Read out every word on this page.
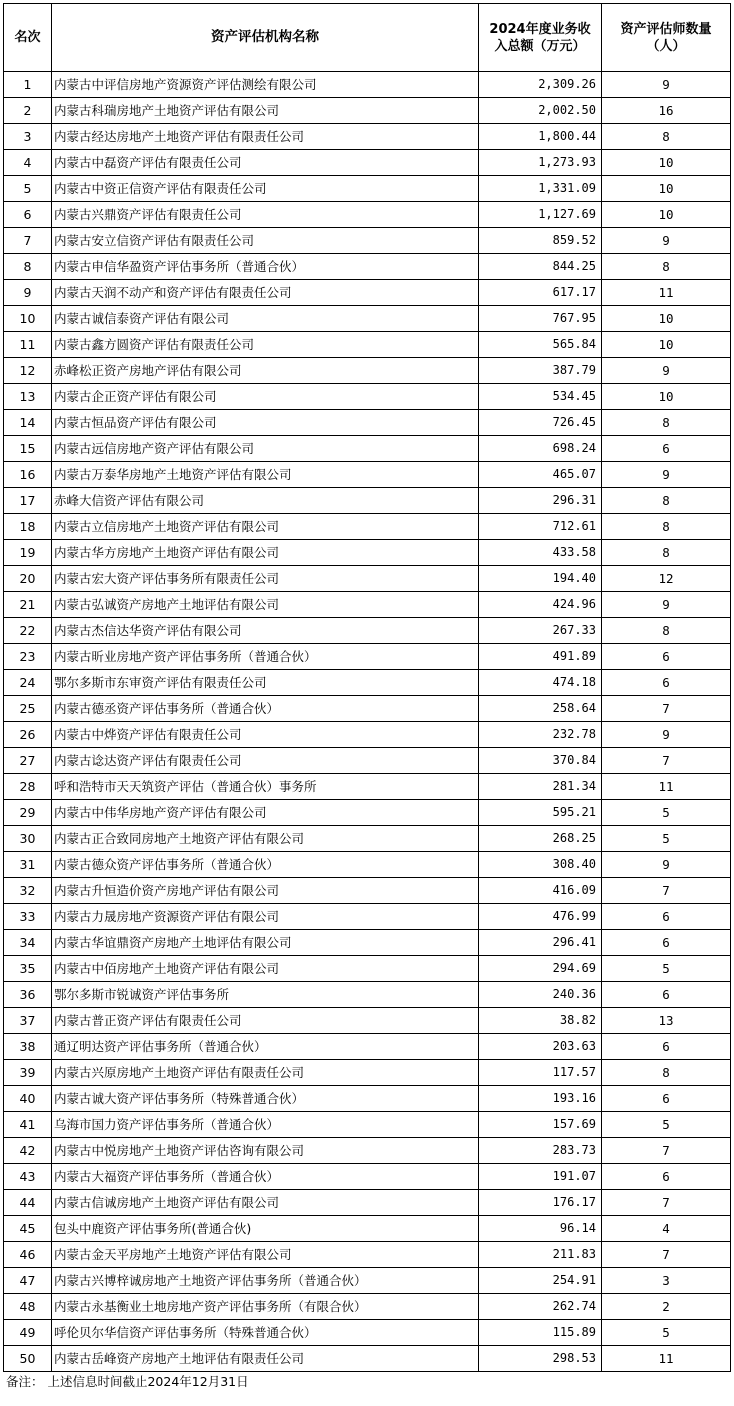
名次	资产评估机构名称	2024年度业务收入总额（万元）	资产评估师数量（人）
1	内蒙古中评信房地产资源资产评估测绘有限公司	2,309.26	9
2	内蒙古科瑞房地产土地资产评估有限公司	2,002.50	16
3	内蒙古经达房地产土地资产评估有限责任公司	1,800.44	8
4	内蒙古中磊资产评估有限责任公司	1,273.93	10
5	内蒙古中资正信资产评估有限责任公司	1,331.09	10
6	内蒙古兴鼎资产评估有限责任公司	1,127.69	10
7	内蒙古安立信资产评估有限责任公司	859.52	9
8	内蒙古申信华盈资产评估事务所（普通合伙）	844.25	8
9	内蒙古天润不动产和资产评估有限责任公司	617.17	11
10	内蒙古诚信泰资产评估有限公司	767.95	10
11	内蒙古鑫方圆资产评估有限责任公司	565.84	10
12	赤峰松正资产房地产评估有限公司	387.79	9
13	内蒙古企正资产评估有限公司	534.45	10
14	内蒙古恒品资产评估有限公司	726.45	8
15	内蒙古远信房地产资产评估有限公司	698.24	6
16	内蒙古万泰华房地产土地资产评估有限公司	465.07	9
17	赤峰大信资产评估有限公司	296.31	8
18	内蒙古立信房地产土地资产评估有限公司	712.61	8
19	内蒙古华方房地产土地资产评估有限公司	433.58	8
20	内蒙古宏大资产评估事务所有限责任公司	194.40	12
21	内蒙古弘诚资产房地产土地评估有限公司	424.96	9
22	内蒙古杰信达华资产评估有限公司	267.33	8
23	内蒙古昕业房地产资产评估事务所（普通合伙）	491.89	6
24	鄂尔多斯市东审资产评估有限责任公司	474.18	6
25	内蒙古德丞资产评估事务所（普通合伙）	258.64	7
26	内蒙古中烨资产评估有限责任公司	232.78	9
27	内蒙古谂达资产评估有限责任公司	370.84	7
28	呼和浩特市天天筑资产评估（普通合伙）事务所	281.34	11
29	内蒙古中伟华房地产资产评估有限公司	595.21	5
30	内蒙古正合致同房地产土地资产评估有限公司	268.25	5
31	内蒙古德众资产评估事务所（普通合伙）	308.40	9
32	内蒙古升恒造价资产房地产评估有限公司	416.09	7
33	内蒙古力晟房地产资源资产评估有限公司	476.99	6
34	内蒙古华谊鼎资产房地产土地评估有限公司	296.41	6
35	内蒙古中佰房地产土地资产评估有限公司	294.69	5
36	鄂尔多斯市锐诚资产评估事务所	240.36	6
37	内蒙古普正资产评估有限责任公司	38.82	13
38	通辽明达资产评估事务所（普通合伙）	203.63	6
39	内蒙古兴原房地产土地资产评估有限责任公司	117.57	8
40	内蒙古诚大资产评估事务所（特殊普通合伙）	193.16	6
41	乌海市国力资产评估事务所（普通合伙）	157.69	5
42	内蒙古中悦房地产土地资产评估咨询有限公司	283.73	7
43	内蒙古大福资产评估事务所（普通合伙）	191.07	6
44	内蒙古信诚房地产土地资产评估有限公司	176.17	7
45	包头中鹿资产评估事务所(普通合伙)	96.14	4
46	内蒙古金天平房地产土地资产评估有限公司	211.83	7
47	内蒙古兴博梓诚房地产土地资产评估事务所（普通合伙）	254.91	3
48	内蒙古永基衡业土地房地产资产评估事务所（有限合伙）	262.74	2
49	呼伦贝尔华信资产评估事务所（特殊普通合伙）	115.89	5
50	内蒙古岳峰资产房地产土地评估有限责任公司	298.53	11
备注： 上述信息时间截止2024年12月31日
